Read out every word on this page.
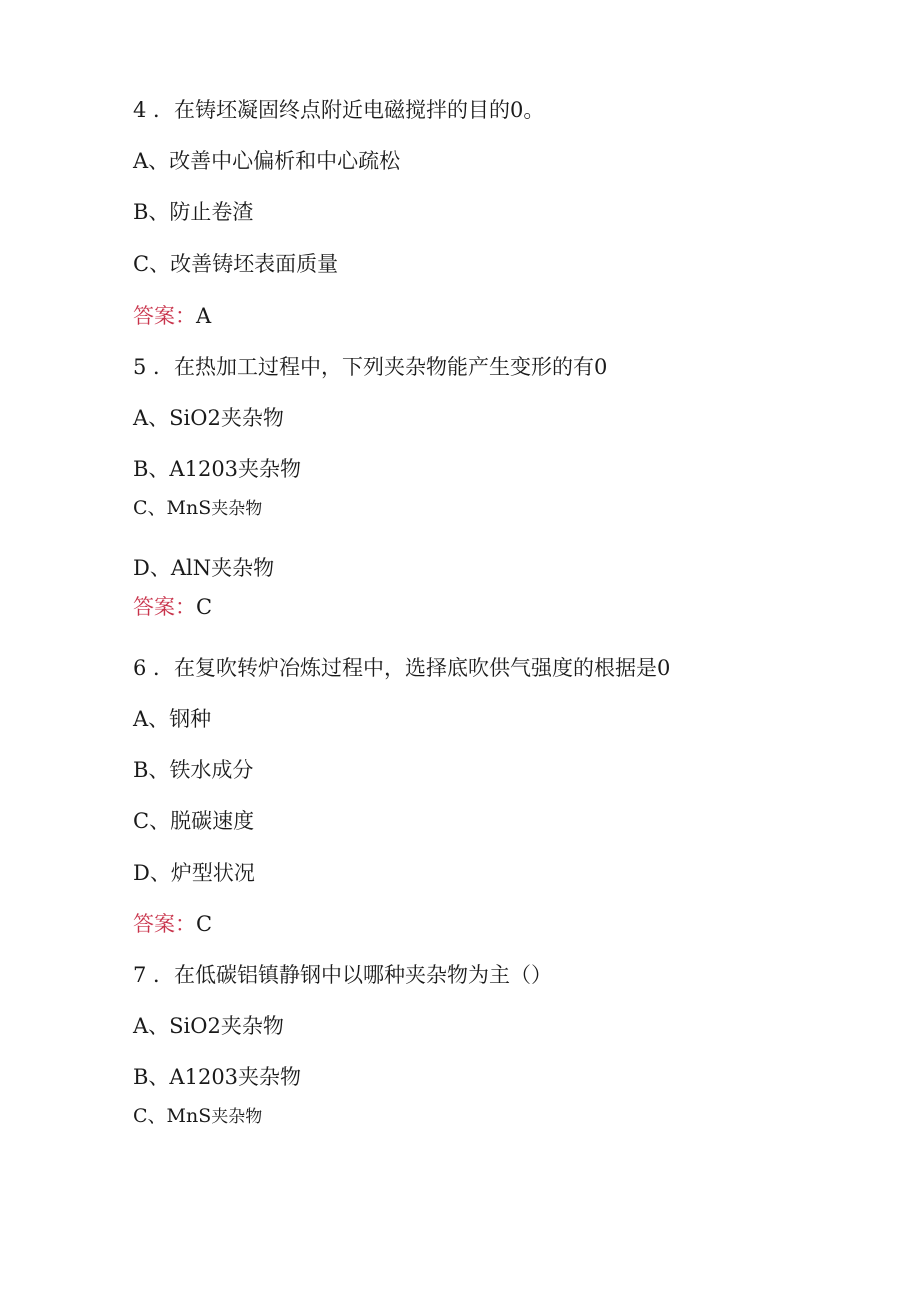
4 ．在铸坯凝固终点附近电磁搅拌的目的0。
A、改善中心偏析和中心疏松
B、防止卷渣
C、改善铸坯表面质量
答案：A
5 ．在热加工过程中，下列夹杂物能产生变形的有0
A、SiO2夹杂物
B、A1203夹杂物
C、MnS夹杂物
D、AlN夹杂物
答案：C
6 ．在复吹转炉冶炼过程中，选择底吹供气强度的根据是0
A、钢种
B、铁水成分
C、脱碳速度
D、炉型状况
答案：C
7 ．在低碳铝镇静钢中以哪种夹杂物为主（）
A、SiO2夹杂物
B、A1203夹杂物
C、MnS夹杂物
